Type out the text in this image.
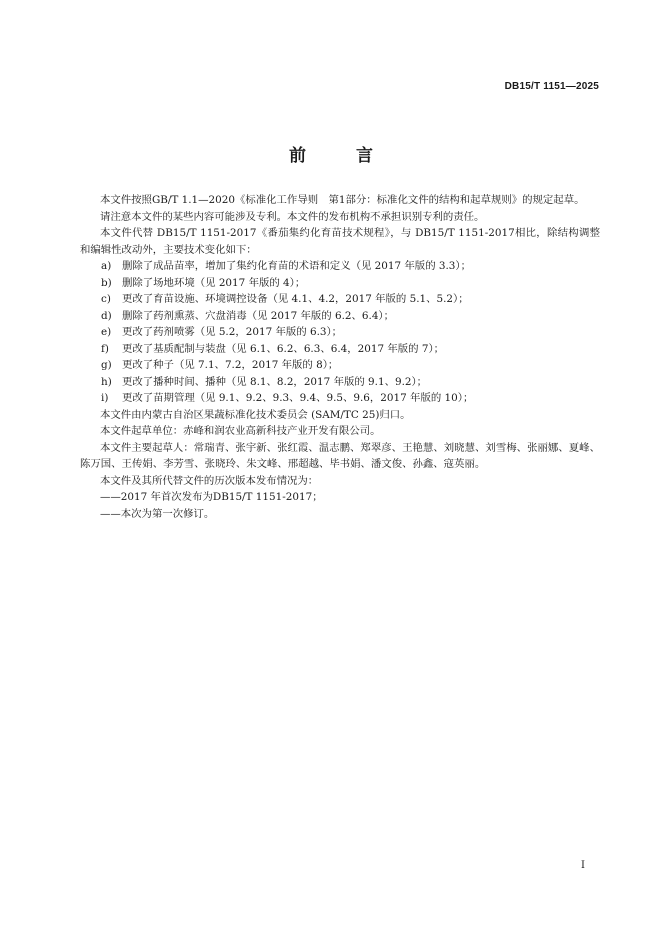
DB15/T 1151—2025
前 言

本文件按照GB/T 1.1—2020《标准化工作导则　第1部分：标准化文件的结构和起草规则》的规定起草。

请注意本文件的某些内容可能涉及专利。本文件的发布机构不承担识别专利的责任。

本文件代替 DB15/T 1151-2017《番茄集约化育苗技术规程》，与 DB15/T 1151-2017相比，除结构调整和编辑性改动外，主要技术变化如下：

a)	删除了成品苗率，增加了集约化育苗的术语和定义（见 2017 年版的 3.3）；
b) 删除了场地环境（见 2017 年版的 4）；
c)	更改了育苗设施、环境调控设备（见 4.1、4.2，2017 年版的 5.1、5.2）；
d) 删除了药剂熏蒸、穴盘消毒（见 2017 年版的 6.2、6.4）；
e)	更改了药剂喷雾（见 5.2，2017 年版的 6.3）；
f)	更改了基质配制与装盘（见 6.1、6.2、6.3、6.4，2017 年版的 7）；
g) 更改了种子（见 7.1、7.2，2017 年版的 8）；
h) 更改了播种时间、播种（见 8.1、8.2，2017 年版的 9.1、9.2）；
i)	更改了苗期管理（见 9.1、9.2、9.3、9.4、9.5、9.6，2017 年版的 10）；

本文件由内蒙古自治区果蔬标准化技术委员会 (SAM/TC 25)归口。

本文件起草单位：赤峰和润农业高新科技产业开发有限公司。

本文件主要起草人：常瑞青、张宇新、张红霞、温志鹏、郑翠彦、王艳慧、刘晓慧、刘雪梅、张丽娜、夏峰、陈万国、王传娟、李芳雪、张晓玲、朱文峰、邢超越、毕书娟、潘文俊、孙鑫、寇英丽。

本文件及其所代替文件的历次版本发布情况为：

——2017 年首次发布为DB15/T 1151-2017；

——本次为第一次修订。

I
